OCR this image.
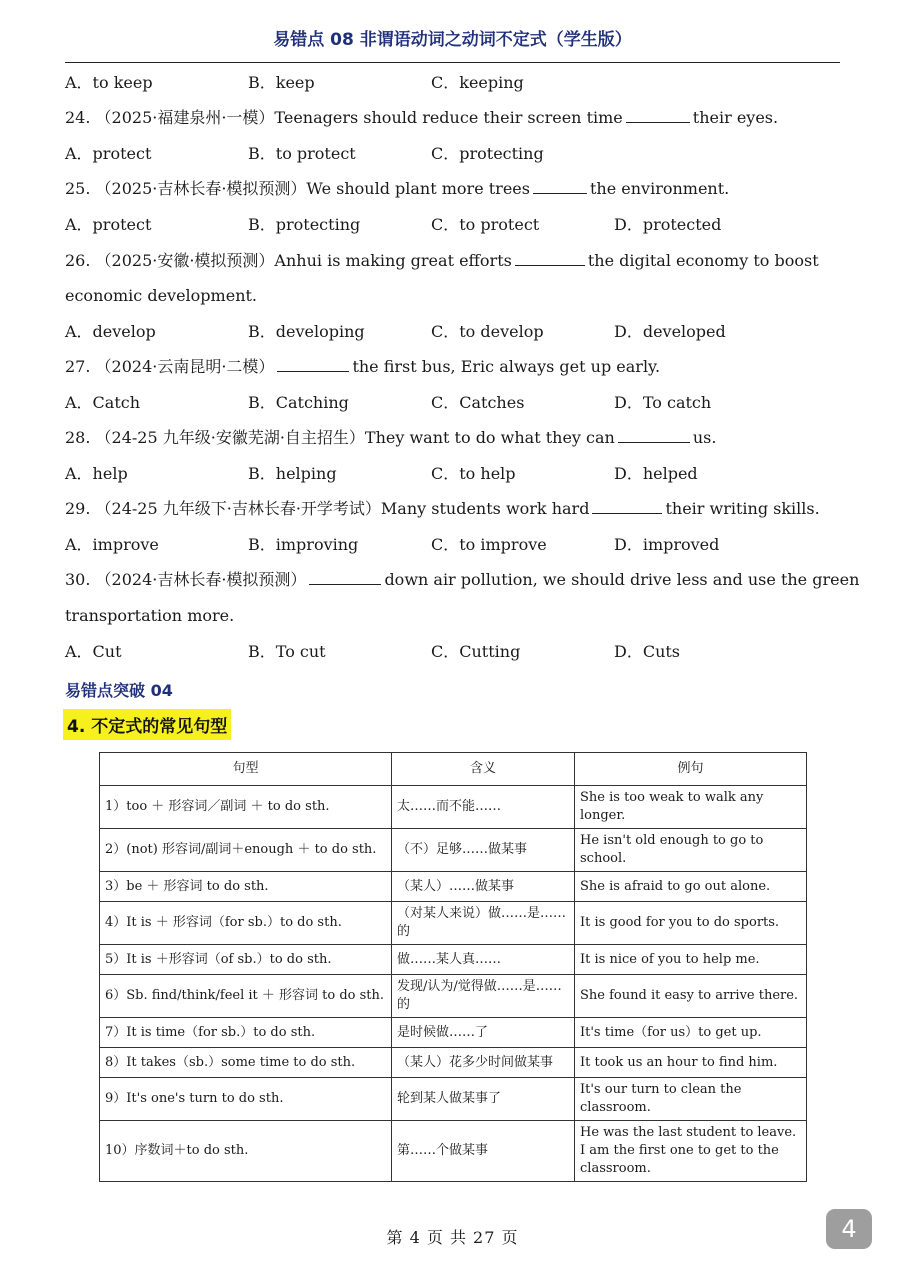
易错点 08 非谓语动词之动词不定式（学生版）
A．to keep	B．keep	C．keeping
24. （2025·福建泉州·一模）Teenagers should reduce their screen time	their eyes.
A．protect	B．to protect	C．protecting
25. （2025·吉林长春·模拟预测）We should plant more trees	the environment.
A．protect	B．protecting	C．to protect	D．protected
26. （2025·安徽·模拟预测）Anhui is making great efforts	the digital economy to boost
economic development.
A．develop	B．developing	C．to develop	D．developed
27. （2024·云南昆明·二模）	the first bus, Eric always get up early.
A．Catch	B．Catching	C．Catches	D．To catch
28. （24-25 九年级·安徽芜湖·自主招生）They want to do what they can	us.
A．help	B．helping	C．to help	D．helped
29. （24-25 九年级下·吉林长春·开学考试）Many students work hard	their writing skills.
A．improve	B．improving	C．to improve	D．improved
30. （2024·吉林长春·模拟预测）	down air pollution, we should drive less and use the green
transportation more.
A．Cut	B．To cut	C．Cutting	D．Cuts
易错点突破 04
4. 不定式的常见句型
句型	含义	例句
1）too ＋ 形容词／副词 ＋ to do sth.	太……而不能……	She is too weak to walk any longer.
2）(not) 形容词/副词＋enough ＋ to do sth.	（不）足够……做某事	He isn't old enough to go to school.
3）be ＋ 形容词 to do sth.	（某人）……做某事	She is afraid to go out alone.
4）It is ＋ 形容词（for sb.）to do sth.	（对某人来说）做……是……的	It is good for you to do sports.
5）It is ＋形容词（of sb.）to do sth.	做……某人真……	It is nice of you to help me.
6）Sb. find/think/feel it ＋ 形容词 to do sth.	发现/认为/觉得做……是……的	She found it easy to arrive there.
7）It is time（for sb.）to do sth.	是时候做……了	It's time（for us）to get up.
8）It takes（sb.）some time to do sth.	（某人）花多少时间做某事	It took us an hour to find him.
9）It's one's turn to do sth.	轮到某人做某事了	It's our turn to clean the classroom.
10）序数词＋to do sth.	第……个做某事	He was the last student to leave. I am the first one to get to the classroom.
第 4 页 共 27 页	4
